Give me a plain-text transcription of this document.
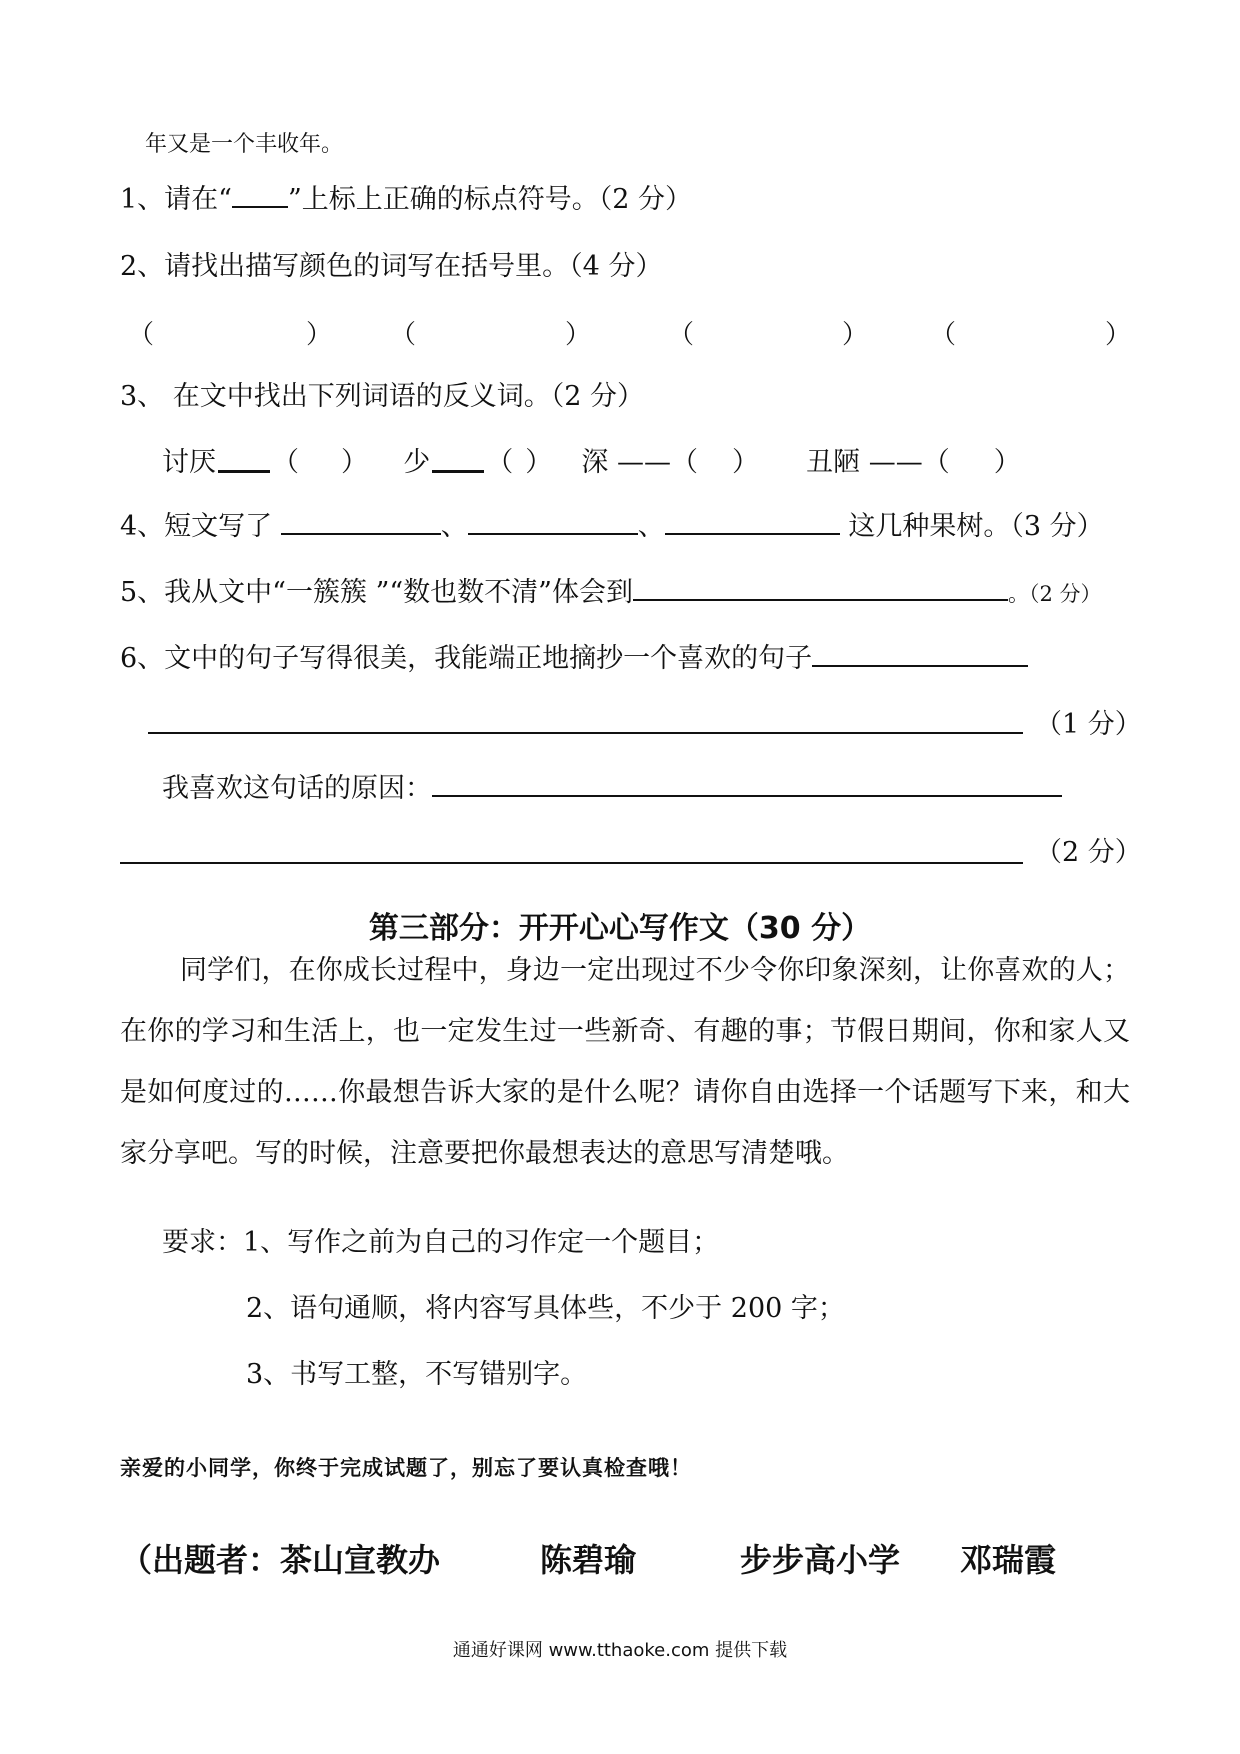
年又是一个丰收年。
1、请在“ ”上标上正确的标点符号。（2 分）
2、请找出描写颜色的词写在括号里。（4 分）
（	） （	）	（	） （	）
3、 在文中找出下列词语的反义词。（2 分）
讨厌 （ ） 少 （ ） 深 ——（ ） 丑陋 ——（ ）
4、短文写了	、	、	这几种果树。（3 分）
5、我从文中“一簇簇 ”“数也数不清”体会到	。（2 分）
6、文中的句子写得很美，我能端正地摘抄一个喜欢的句子
（1 分）
我喜欢这句话的原因：
（2 分）
第三部分：开开心心写作文（30 分）
同学们，在你成长过程中，身边一定出现过不少令你印象深刻，让你喜欢的人；在你的学习和生活上，也一定发生过一些新奇、有趣的事；节假日期间，你和家人又是如何度过的……你最想告诉大家的是什么呢？请你自由选择一个话题写下来，和大家分享吧。写的时候，注意要把你最想表达的意思写清楚哦。
要求：1、写作之前为自己的习作定一个题目；
2、语句通顺，将内容写具体些，不少于 200 字；
3、书写工整，不写错别字。
亲爱的小同学，你终于完成试题了，别忘了要认真检查哦！
（出题者：茶山宣教办	陈碧瑜	步步高小学 邓瑞霞
通通好课网 www.tthaoke.com 提供下载
